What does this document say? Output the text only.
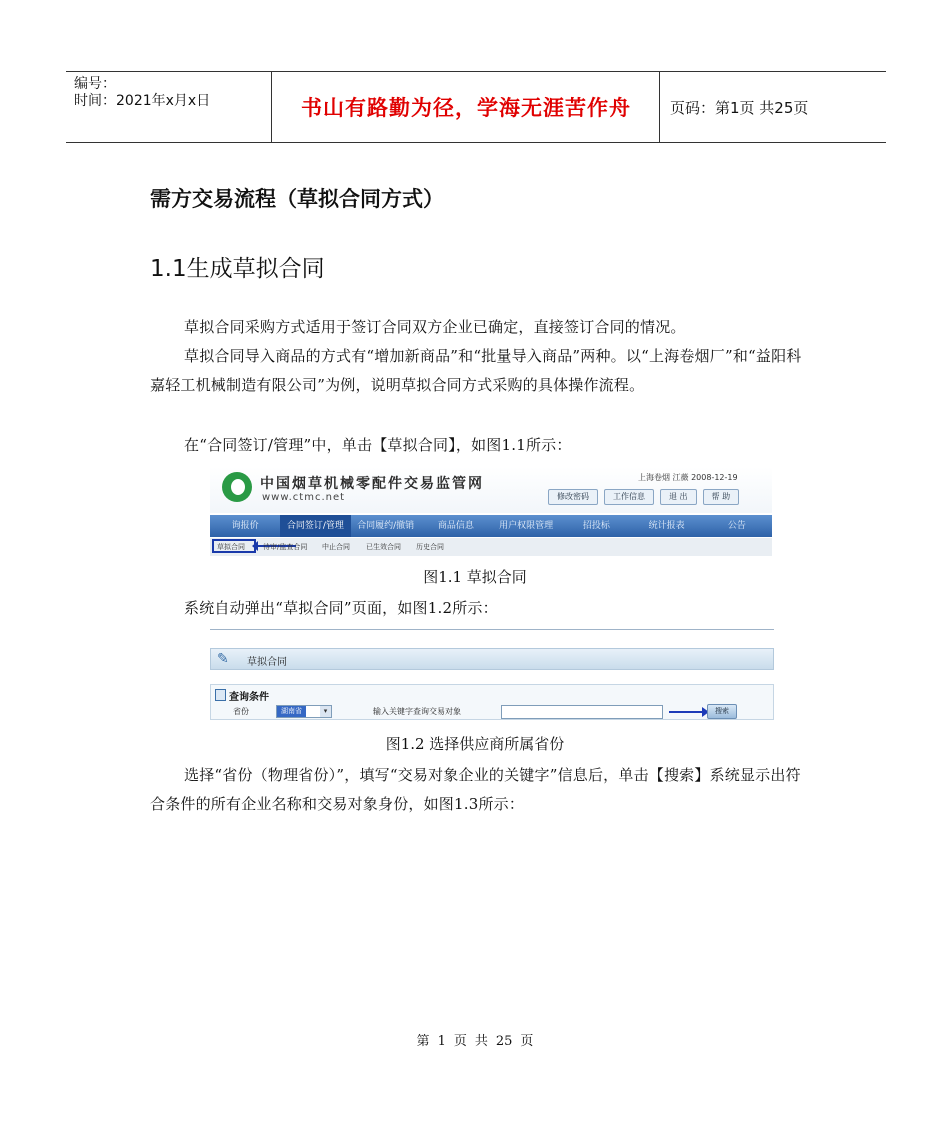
编号：
时间：2021年x月x日	书山有路勤为径，学海无涯苦作舟	页码：第1页 共25页
需方交易流程（草拟合同方式）
1.1生成草拟合同
草拟合同采购方式适用于签订合同双方企业已确定，直接签订合同的情况。
草拟合同导入商品的方式有“增加新商品”和“批量导入商品”两种。以“上海卷烟厂”和“益阳科嘉轻工机械制造有限公司”为例，说明草拟合同方式采购的具体操作流程。
在“合同签订/管理”中，单击【草拟合同】，如图1.1所示：
中国烟草机械零配件交易监管网
www.ctmc.net
上海卷烟 江薇 2008-12-19
修改密码	工作信息	退 出	帮 助
询报价	合同签订/管理	合同履约/撤销	商品信息	用户权限管理	招投标	统计报表	公告
草拟合同	待审/监查合同 中止合同 已生效合同 历史合同
图1.1 草拟合同
系统自动弹出“草拟合同”页面，如图1.2所示：
✎	草拟合同
查询条件
省份	湖南省	▾	输入关键字查询交易对象	搜索
图1.2 选择供应商所属省份
选择“省份（物理省份）”，填写“交易对象企业的关键字”信息后，单击【搜索】系统显示出符合条件的所有企业名称和交易对象身份，如图1.3所示：
第 1 页 共 25 页
